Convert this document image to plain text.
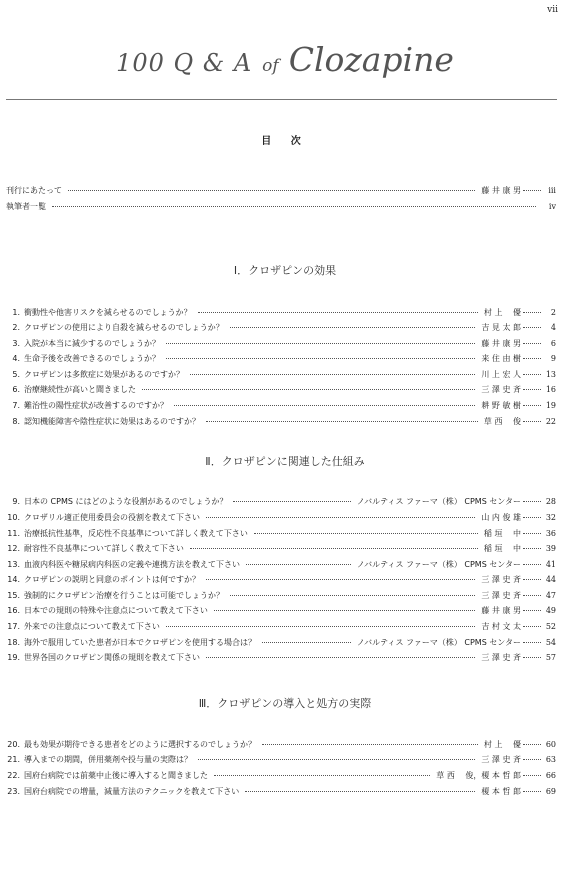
vii
100 Q & A of Clozapine
目 次
刊行にあたって	藤 井 康 男	iii
執筆者一覧	iv
Ⅰ．クロザピンの効果
1. 衝動性や他害リスクを減らせるのでしょうか？	村 上　 優	2
2. クロザピンの使用により自殺を減らせるのでしょうか？	吉 見 太 郎	4
3. 入院が本当に減少するのでしょうか？	藤 井 康 男	6
4. 生命予後を改善できるのでしょうか？	来 住 由 樹	9
5. クロザピンは多飲症に効果があるのですか？	川 上 宏 人	13
6. 治療継続性が高いと聞きました	三 澤 史 斉	16
7. 難治性の陽性症状が改善するのですか？	耕 野 敏 樹	19
8. 認知機能障害や陰性症状に効果はあるのですか？	草 西　 俊	22
Ⅱ．クロザピンに関連した仕組み
9. 日本の CPMS にはどのような役割があるのでしょうか？	ノバルティス ファーマ（株） CPMS センター	28
10. クロザリル適正使用委員会の役割を教えて下さい	山 内 俊 雄	32
11. 治療抵抗性基準，反応性不良基準について詳しく教えて下さい	稲 垣　 中	36
12. 耐容性不良基準について詳しく教えて下さい	稲 垣　 中	39
13. 血液内科医や糖尿病内科医の定義や連携方法を教えて下さい	ノバルティス ファーマ（株） CPMS センター	41
14. クロザピンの説明と同意のポイントは何ですか？	三 澤 史 斉	44
15. 強制的にクロザピン治療を行うことは可能でしょうか？	三 澤 史 斉	47
16. 日本での規則の特殊や注意点について教えて下さい	藤 井 康 男	49
17. 外来での注意点について教えて下さい	吉 村 文 太	52
18. 海外で服用していた患者が日本でクロザピンを使用する場合は？	ノバルティス ファーマ（株） CPMS センター	54
19. 世界各国のクロザピン関係の規則を教えて下さい	三 澤 史 斉	57
Ⅲ．クロザピンの導入と処方の実際
20. 最も効果が期待できる患者をどのように選択するのでしょうか？	村 上　 優	60
21. 導入までの期間，併用薬剤や投与量の実際は？	三 澤 史 斉	63
22. 国府台病院では前薬中止後に導入すると聞きました	草 西　 俊，榎 本 哲 郎	66
23. 国府台病院での増量，減量方法のテクニックを教えて下さい	榎 本 哲 郎	69
